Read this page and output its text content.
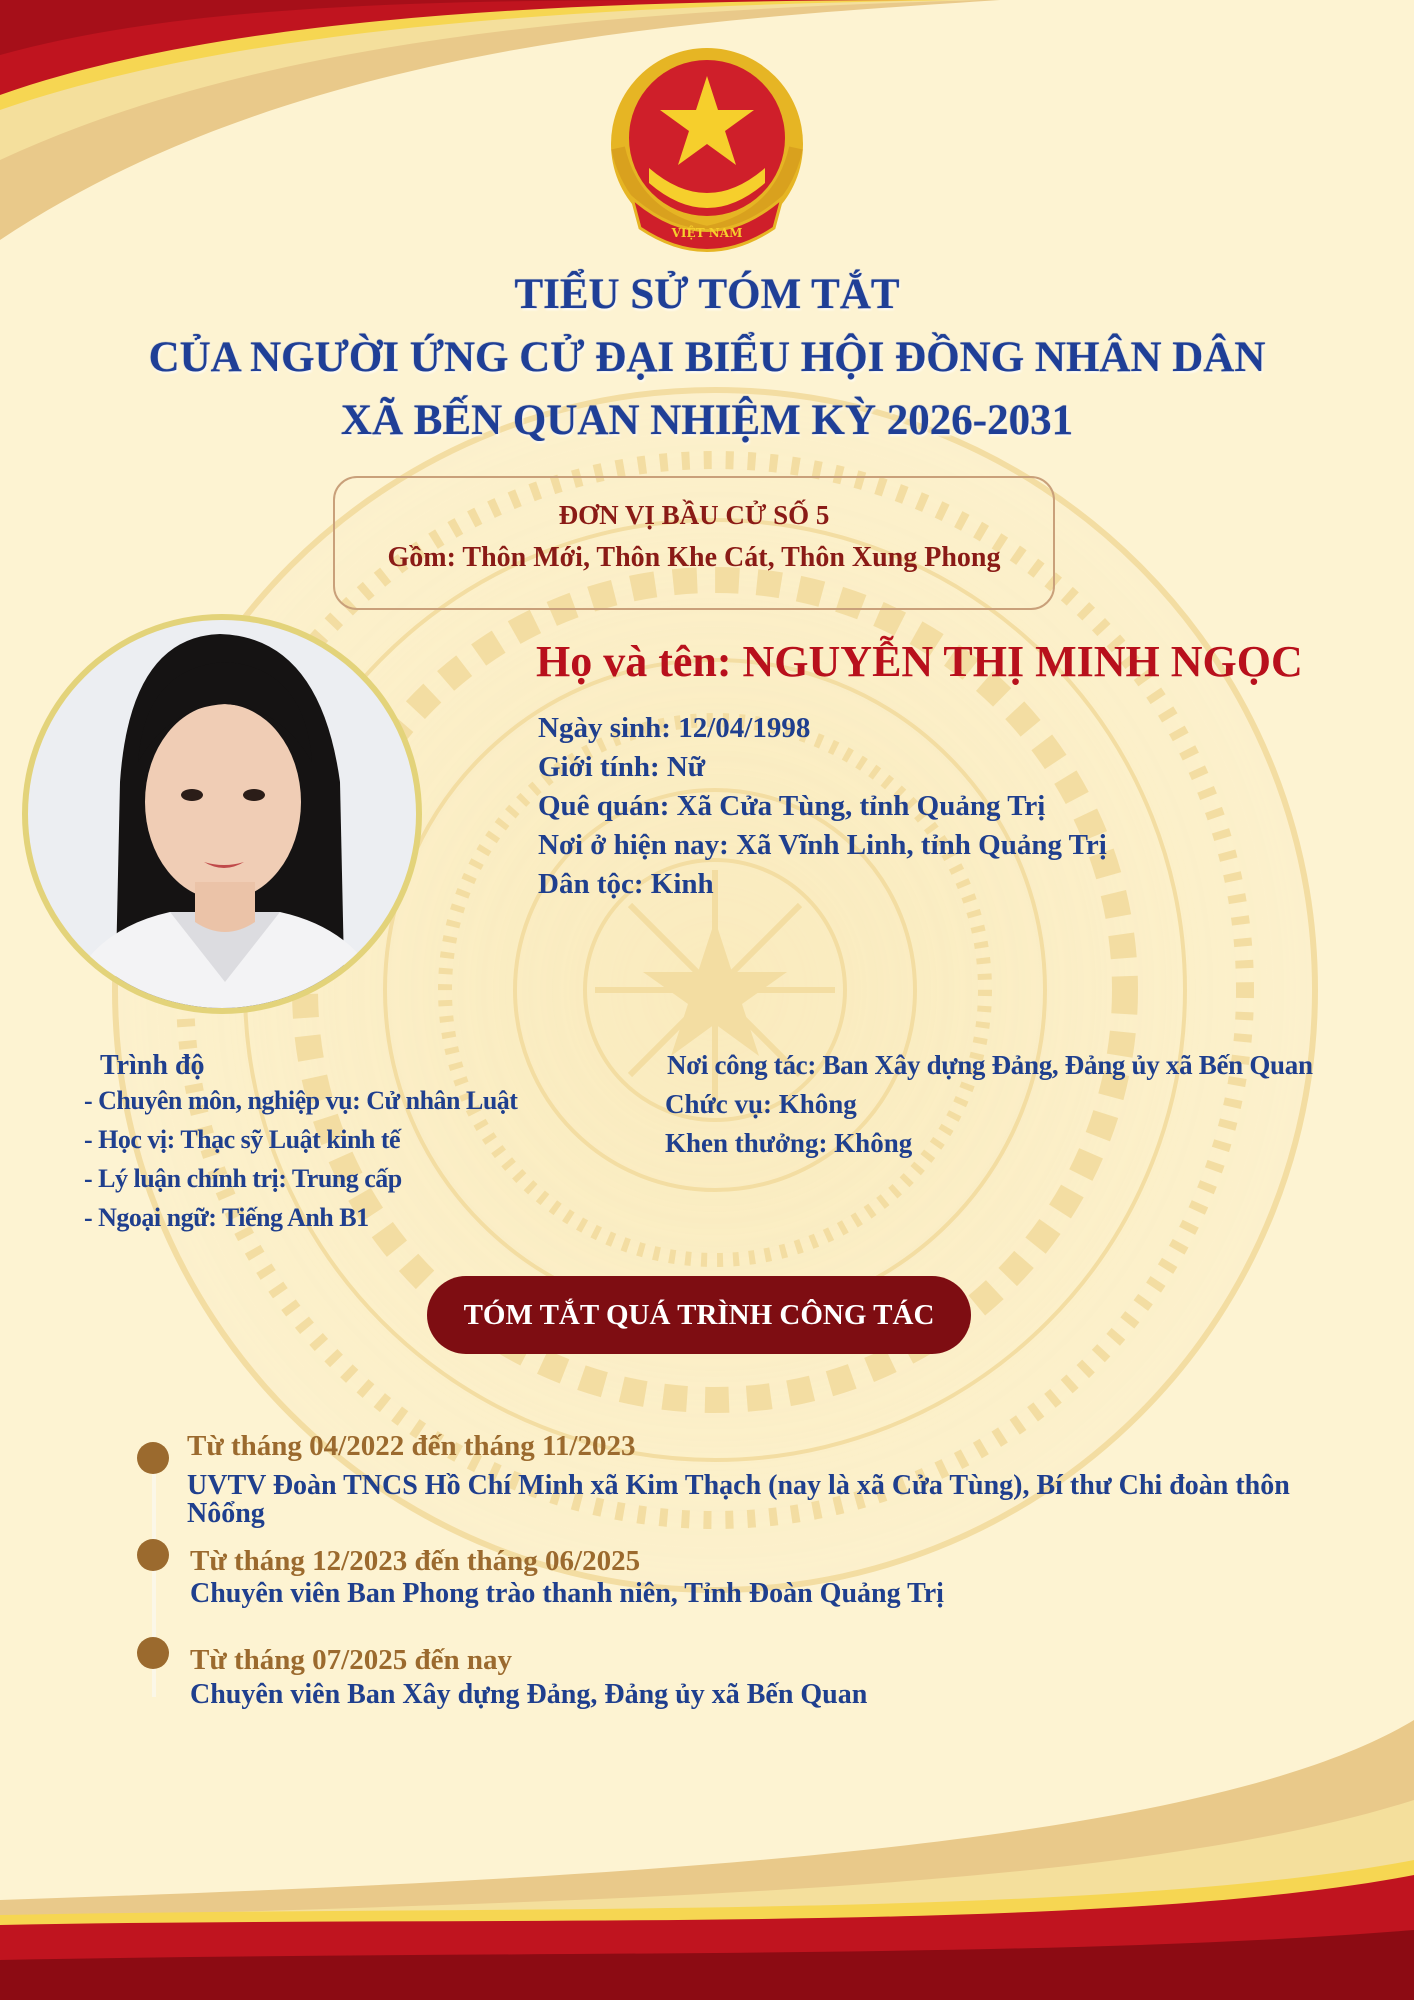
VIỆT NAM
TIỂU SỬ TÓM TẮT
CỦA NGƯỜI ỨNG CỬ ĐẠI BIỂU HỘI ĐỒNG NHÂN DÂN
XÃ BẾN QUAN NHIỆM KỲ 2026-2031
ĐƠN VỊ BẦU CỬ SỐ 5
Gồm: Thôn Mới, Thôn Khe Cát, Thôn Xung Phong
Họ và tên: NGUYỄN THỊ MINH NGỌC
Ngày sinh: 12/04/1998
Giới tính: Nữ
Quê quán: Xã Cửa Tùng, tỉnh Quảng Trị
Nơi ở hiện nay: Xã Vĩnh Linh, tỉnh Quảng Trị
Dân tộc: Kinh
Trình độ
- Chuyên môn, nghiệp vụ: Cử nhân Luật
- Học vị: Thạc sỹ Luật kinh tế
- Lý luận chính trị: Trung cấp
- Ngoại ngữ: Tiếng Anh B1
Nơi công tác: Ban Xây dựng Đảng, Đảng ủy xã Bến Quan
Chức vụ: Không
Khen thưởng: Không
TÓM TẮT QUÁ TRÌNH CÔNG TÁC
Từ tháng 04/2022 đến tháng 11/2023
UVTV Đoàn TNCS Hồ Chí Minh xã Kim Thạch (nay là xã Cửa Tùng), Bí thư Chi đoàn thôn Nôổng
Từ tháng 12/2023 đến tháng 06/2025
Chuyên viên Ban Phong trào thanh niên, Tỉnh Đoàn Quảng Trị
Từ tháng 07/2025 đến nay
Chuyên viên Ban Xây dựng Đảng, Đảng ủy xã Bến Quan
